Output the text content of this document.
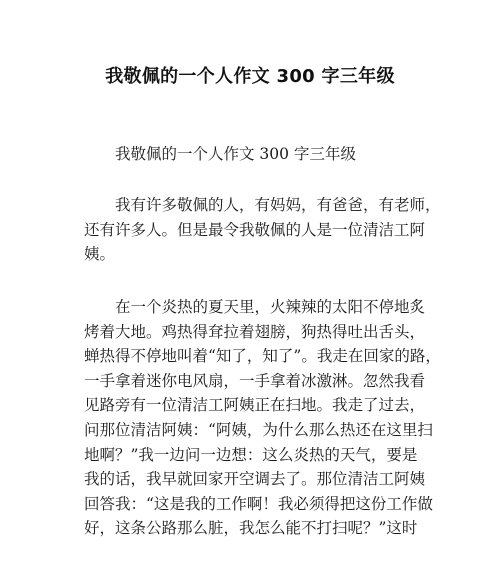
我敬佩的一个人作文 300 字三年级
我敬佩的一个人作文 300 字三年级
我有许多敬佩的人，有妈妈，有爸爸，有老师，
还有许多人。但是最令我敬佩的人是一位清洁工阿
姨。
在一个炎热的夏天里，火辣辣的太阳不停地炙
烤着大地。鸡热得耷拉着翅膀，狗热得吐出舌头，
蝉热得不停地叫着“知了，知了”。我走在回家的路，
一手拿着迷你电风扇，一手拿着冰激淋。忽然我看
见路旁有一位清洁工阿姨正在扫地。我走了过去，
问那位清洁阿姨：“阿姨，为什么那么热还在这里扫
地啊？”我一边问一边想：这么炎热的天气，要是
我的话，我早就回家开空调去了。那位清洁工阿姨
回答我：“这是我的工作啊！我必须得把这份工作做
好，这条公路那么脏，我怎么能不打扫呢？”这时
